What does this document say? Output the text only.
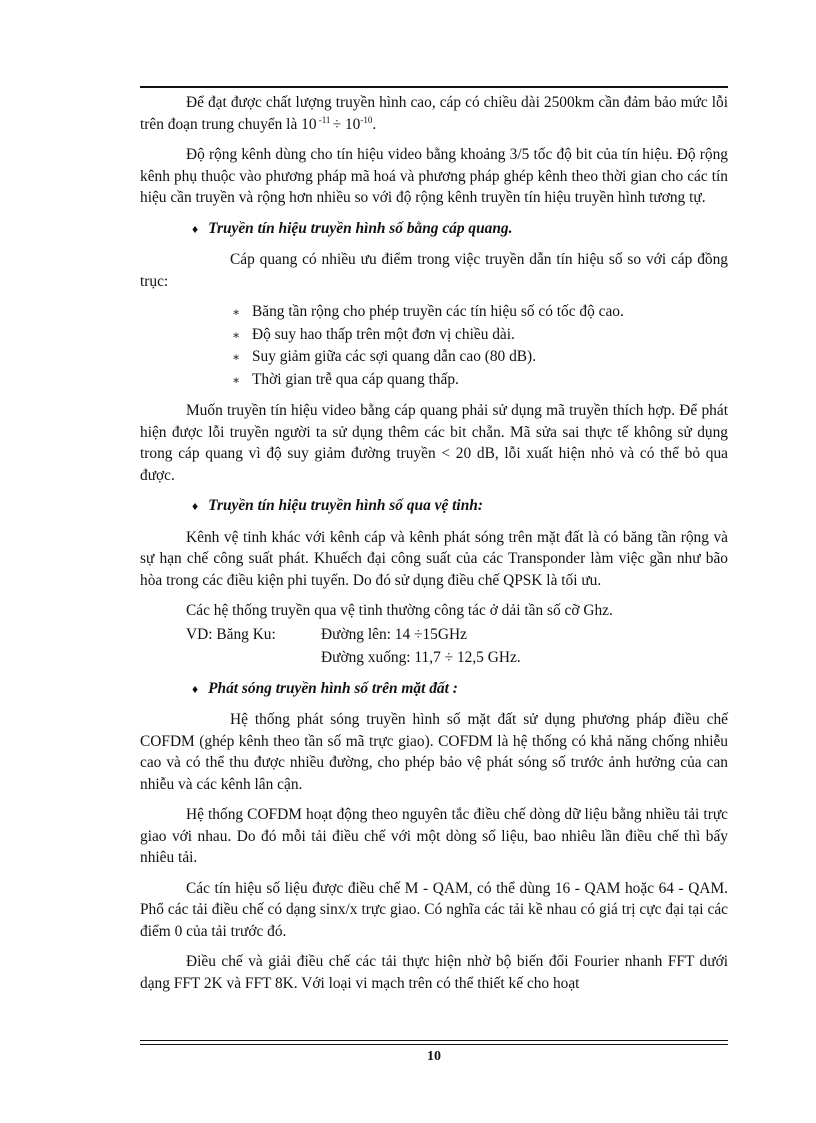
Để đạt được chất lượng truyền hình cao, cáp có chiều dài 2500km cần đảm bảo mức lỗi trên đoạn trung chuyển là 10 $^{-11} \div 10^{-10}$.

Độ rộng kênh dùng cho tín hiệu video bằng khoảng 3/5 tốc độ bit của tín hiệu. Độ rộng kênh phụ thuộc vào phương pháp mã hoá và phương pháp ghép kênh theo thời gian cho các tín hiệu cần truyền và rộng hơn nhiều so với độ rộng kênh truyền tín hiệu truyền hình tương tự.

♦ Truyền tín hiệu truyền hình số bằng cáp quang.

Cáp quang có nhiều ưu điểm trong việc truyền dẫn tín hiệu số so với cáp đồng trục:

∗ Băng tần rộng cho phép truyền các tín hiệu số có tốc độ cao.
∗ Độ suy hao thấp trên một đơn vị chiều dài.
∗ Suy giảm giữa các sợi quang dẫn cao (80 dB).
∗ Thời gian trễ qua cáp quang thấp.

Muốn truyền tín hiệu video bằng cáp quang phải sử dụng mã truyền thích hợp. Để phát hiện được lỗi truyền người ta sử dụng thêm các bit chẵn. Mã sửa sai thực tế không sử dụng trong cáp quang vì độ suy giảm đường truyền < 20 dB, lỗi xuất hiện nhỏ và có thể bỏ qua được.

♦ Truyền tín hiệu truyền hình số qua vệ tinh:

Kênh vệ tinh khác với kênh cáp và kênh phát sóng trên mặt đất là có băng tần rộng và sự hạn chế công suất phát. Khuếch đại công suất của các Transponder làm việc gần như bão hòa trong các điều kiện phi tuyến. Do đó sử dụng điều chế QPSK là tối ưu.

Các hệ thống truyền qua vệ tinh thường công tác ở dải tần số cỡ Ghz.

VD: Băng Ku:	Đường lên: 14 ÷15GHz
Đường xuống: 11,7 ÷ 12,5 GHz.
♦ Phát sóng truyền hình số trên mặt đất :

Hệ thống phát sóng truyền hình số mặt đất sử dụng phương pháp điều chế COFDM (ghép kênh theo tần số mã trực giao). COFDM là hệ thống có khả năng chống nhiễu cao và có thể thu được nhiều đường, cho phép bảo vệ phát sóng số trước ảnh hưởng của can nhiễu và các kênh lân cận.

Hệ thống COFDM hoạt động theo nguyên tắc điều chế dòng dữ liệu bằng nhiều tải trực giao với nhau. Do đó mỗi tải điều chế với một dòng số liệu, bao nhiêu lần điều chế thì bấy nhiêu tải.

Các tín hiệu số liệu được điều chế M - QAM, có thể dùng 16 - QAM hoặc 64 - QAM. Phổ các tải điều chế có dạng sinx/x trực giao. Có nghĩa các tải kề nhau có giá trị cực đại tại các điểm 0 của tải trước đó.

Điều chế và giải điều chế các tải thực hiện nhờ bộ biến đổi Fourier nhanh FFT dưới dạng FFT 2K và FFT 8K. Với loại vi mạch trên có thể thiết kế cho hoạt

10
